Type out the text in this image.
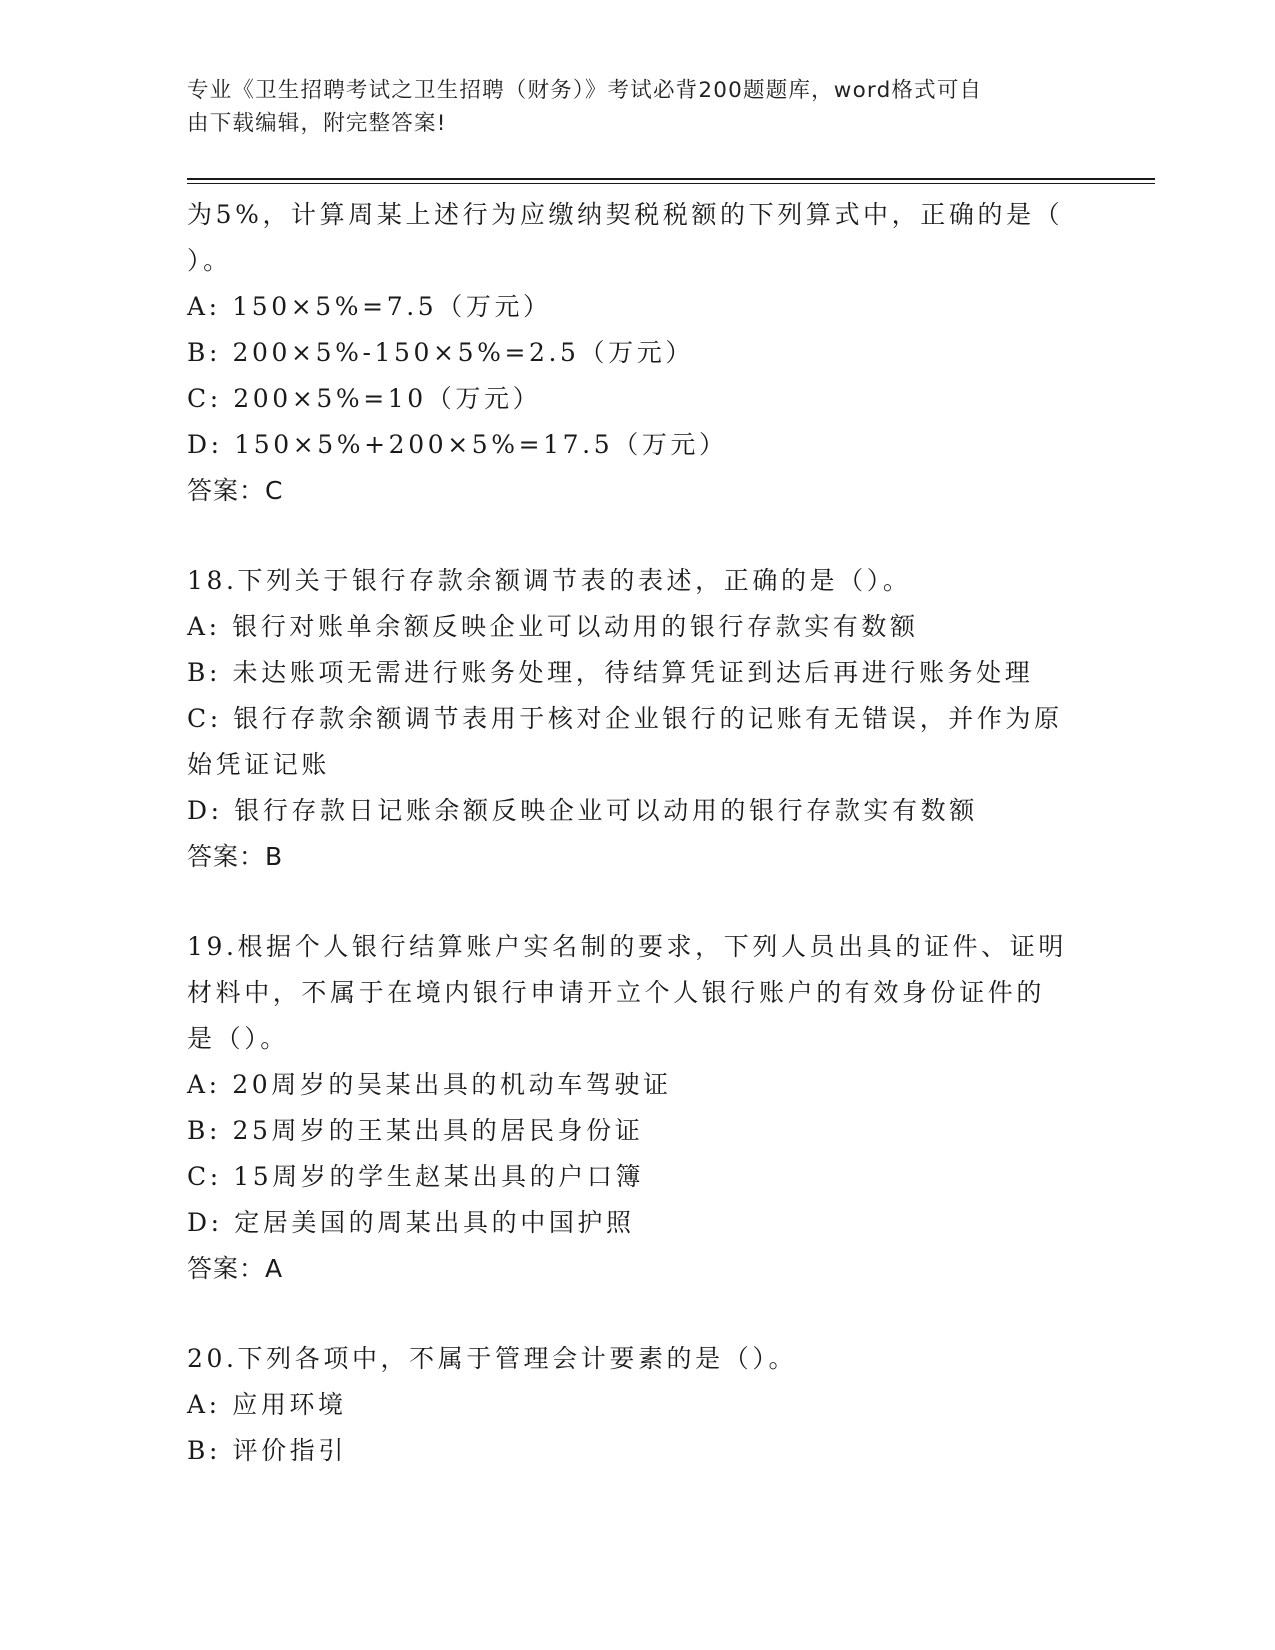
专业《卫生招聘考试之卫生招聘（财务）》考试必背200题题库，word格式可自
由下载编辑，附完整答案!
为5%，计算周某上述行为应缴纳契税税额的下列算式中，正确的是（
）。
A: 150×5%=7.5（万元）
B: 200×5%-150×5%=2.5（万元）
C: 200×5%=10（万元）
D: 150×5%+200×5%=17.5（万元）
答案：C
18.下列关于银行存款余额调节表的表述，正确的是（）。
A: 银行对账单余额反映企业可以动用的银行存款实有数额
B: 未达账项无需进行账务处理，待结算凭证到达后再进行账务处理
C: 银行存款余额调节表用于核对企业银行的记账有无错误，并作为原
始凭证记账
D: 银行存款日记账余额反映企业可以动用的银行存款实有数额
答案：B
19.根据个人银行结算账户实名制的要求，下列人员出具的证件、证明
材料中，不属于在境内银行申请开立个人银行账户的有效身份证件的
是（）。
A: 20周岁的吴某出具的机动车驾驶证
B: 25周岁的王某出具的居民身份证
C: 15周岁的学生赵某出具的户口簿
D: 定居美国的周某出具的中国护照
答案：A
20.下列各项中，不属于管理会计要素的是（）。
A: 应用环境
B: 评价指引
